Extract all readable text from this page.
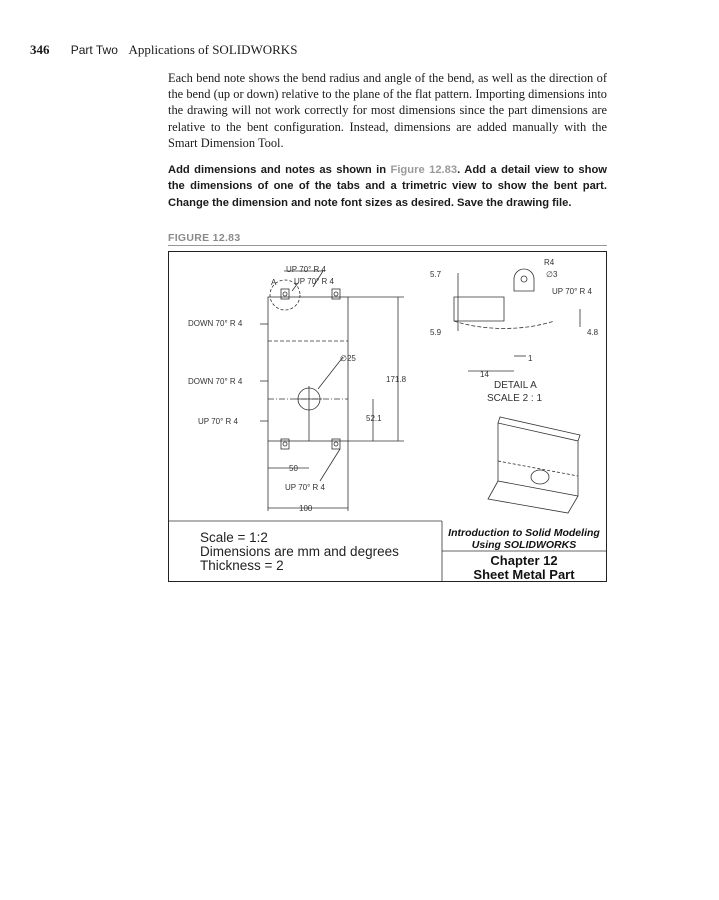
346 Part Two Applications of SOLIDWORKS
Each bend note shows the bend radius and angle of the bend, as well as the direction of the bend (up or down) relative to the plane of the flat pattern. Importing dimensions into the drawing will not work correctly for most dimensions since the part dimensions are relative to the bent configuration. Instead, dimensions are added manually with the Smart Dimension Tool.
Add dimensions and notes as shown in Figure 12.83. Add a detail view to show the dimensions of one of the tabs and a trimetric view to show the bent part. Change the dimension and note font sizes as desired. Save the drawing file.
FIGURE 12.83
UP 70° R 4
UP 70° R 4
A
DOWN 70° R 4
DOWN 70° R 4
UP 70° R 4
UP 70° R 4
∅25
171.8
52.1
50
100
R4
∅3
UP 70° R 4
5.7
5.9	4.8
1
14
DETAIL A
SCALE 2 : 1
Scale = 1:2
Dimensions are mm and degrees
Thickness = 2
Introduction to Solid Modeling
Using SOLIDWORKS
Chapter 12
Sheet Metal Part
